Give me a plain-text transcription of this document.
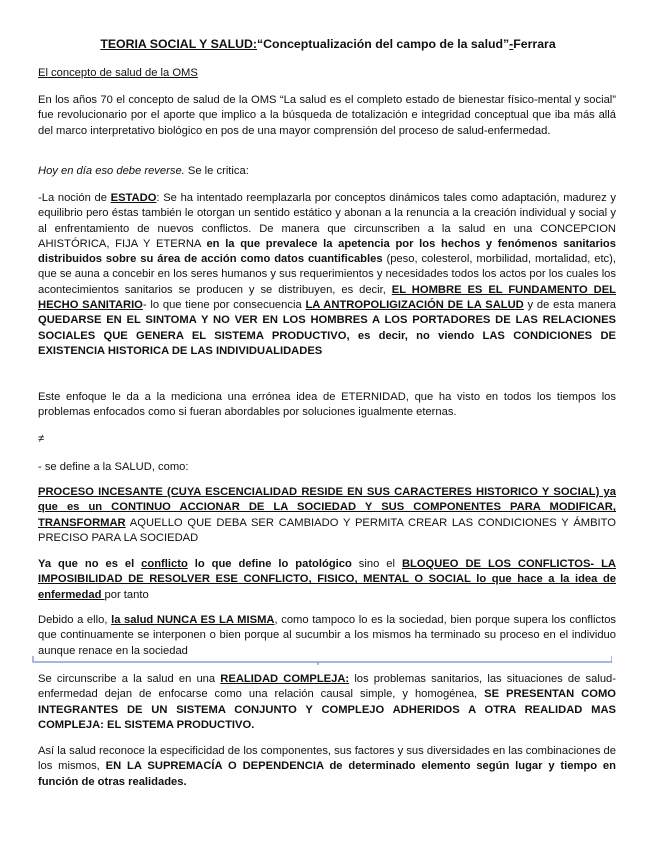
TEORIA SOCIAL Y SALUD:“Conceptualización del campo de la salud”-Ferrara

El concepto de salud de la OMS

En los años 70 el concepto de salud de la OMS “La salud es el completo estado de bienestar físico-mental y social” fue revolucionario por el aporte que implico a la búsqueda de totalización e integridad conceptual que iba más allá del marco interpretativo biológico en pos de una mayor comprensión del proceso de salud-enfermedad.

Hoy en día eso debe reverse. Se le critica:

-La noción de ESTADO: Se ha intentado reemplazarla por conceptos dinámicos tales como adaptación, madurez y equilibrio pero éstas también le otorgan un sentido estático y abonan a la renuncia a la creación individual y social y al enfrentamiento de nuevos conflictos. De manera que circunscriben a la salud en una CONCEPCION AHISTÓRICA, FIJA Y ETERNA en la que prevalece la apetencia por los hechos y fenómenos sanitarios distribuidos sobre su área de acción como datos cuantificables (peso, colesterol, morbilidad, mortalidad, etc), que se auna a concebir en los seres humanos y sus requerimientos y necesidades todos los actos por los cuales los acontecimientos sanitarios se producen y se distribuyen, es decir, EL HOMBRE ES EL FUNDAMENTO DEL HECHO SANITARIO- lo que tiene por consecuencia LA ANTROPOLIGIZACIÓN DE LA SALUD y de esta manera QUEDARSE EN EL SINTOMA Y NO VER EN LOS HOMBRES A LOS PORTADORES DE LAS RELACIONES SOCIALES QUE GENERA EL SISTEMA PRODUCTIVO, es decir, no viendo LAS CONDICIONES DE EXISTENCIA HISTORICA DE LAS INDIVIDUALIDADES

Este enfoque le da a la mediciona una errónea idea de ETERNIDAD, que ha visto en todos los tiempos los problemas enfocados como si fueran abordables por soluciones igualmente eternas.

≠

- se define a la SALUD, como:

PROCESO INCESANTE (CUYA ESCENCIALIDAD RESIDE EN SUS CARACTERES HISTORICO Y SOCIAL) ya que es un CONTINUO ACCIONAR DE LA SOCIEDAD Y SUS COMPONENTES PARA MODIFICAR, TRANSFORMAR AQUELLO QUE DEBA SER CAMBIADO Y PERMITA CREAR LAS CONDICIONES Y ÁMBITO PRECISO PARA LA SOCIEDAD

Ya que no es el conflicto lo que define lo patológico sino el BLOQUEO DE LOS CONFLICTOS- LA IMPOSIBILIDAD DE RESOLVER ESE CONFLICTO, FISICO, MENTAL O SOCIAL lo que hace a la idea de enfermedad por tanto

Debido a ello, la salud NUNCA ES LA MISMA, como tampoco lo es la sociedad, bien porque supera los conflictos que continuamente se interponen o bien porque al sucumbir a los mismos ha terminado su proceso en el individuo aunque renace en la sociedad

Se circunscribe a la salud en una REALIDAD COMPLEJA: los problemas sanitarios, las situaciones de salud-enfermedad dejan de enfocarse como una relación causal simple, y homogénea, SE PRESENTAN COMO INTEGRANTES DE UN SISTEMA CONJUNTO Y COMPLEJO ADHERIDOS A OTRA REALIDAD MAS COMPLEJA: EL SISTEMA PRODUCTIVO.

Así la salud reconoce la especificidad de los componentes, sus factores y sus diversidades en las combinaciones de los mismos, EN LA SUPREMACÍA O DEPENDENCIA de determinado elemento según lugar y tiempo en función de otras realidades.
